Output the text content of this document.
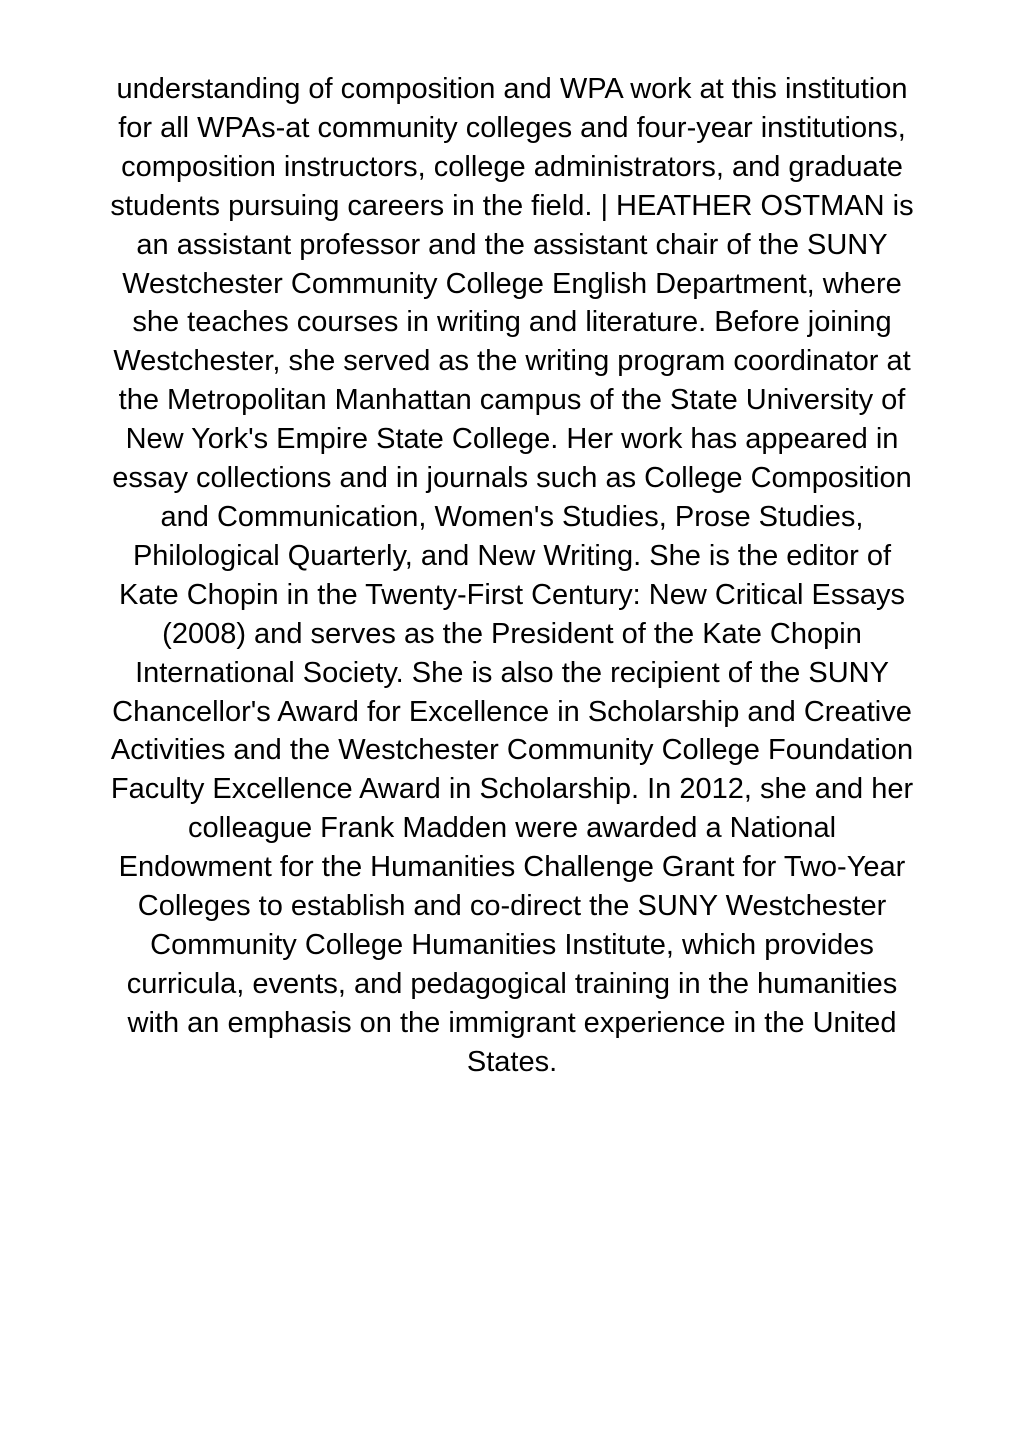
understanding of composition and WPA work at this institution
for all WPAs-at community colleges and four-year institutions,
composition instructors, college administrators, and graduate
students pursuing careers in the field. | HEATHER OSTMAN is
an assistant professor and the assistant chair of the SUNY
Westchester Community College English Department, where
she teaches courses in writing and literature. Before joining
Westchester, she served as the writing program coordinator at
the Metropolitan Manhattan campus of the State University of
New York's Empire State College. Her work has appeared in
essay collections and in journals such as College Composition
and Communication, Women's Studies, Prose Studies,
Philological Quarterly, and New Writing. She is the editor of
Kate Chopin in the Twenty-First Century: New Critical Essays
(2008) and serves as the President of the Kate Chopin
International Society. She is also the recipient of the SUNY
Chancellor's Award for Excellence in Scholarship and Creative
Activities and the Westchester Community College Foundation
Faculty Excellence Award in Scholarship. In 2012, she and her
colleague Frank Madden were awarded a National
Endowment for the Humanities Challenge Grant for Two-Year
Colleges to establish and co-direct the SUNY Westchester
Community College Humanities Institute, which provides
curricula, events, and pedagogical training in the humanities
with an emphasis on the immigrant experience in the United
States.
